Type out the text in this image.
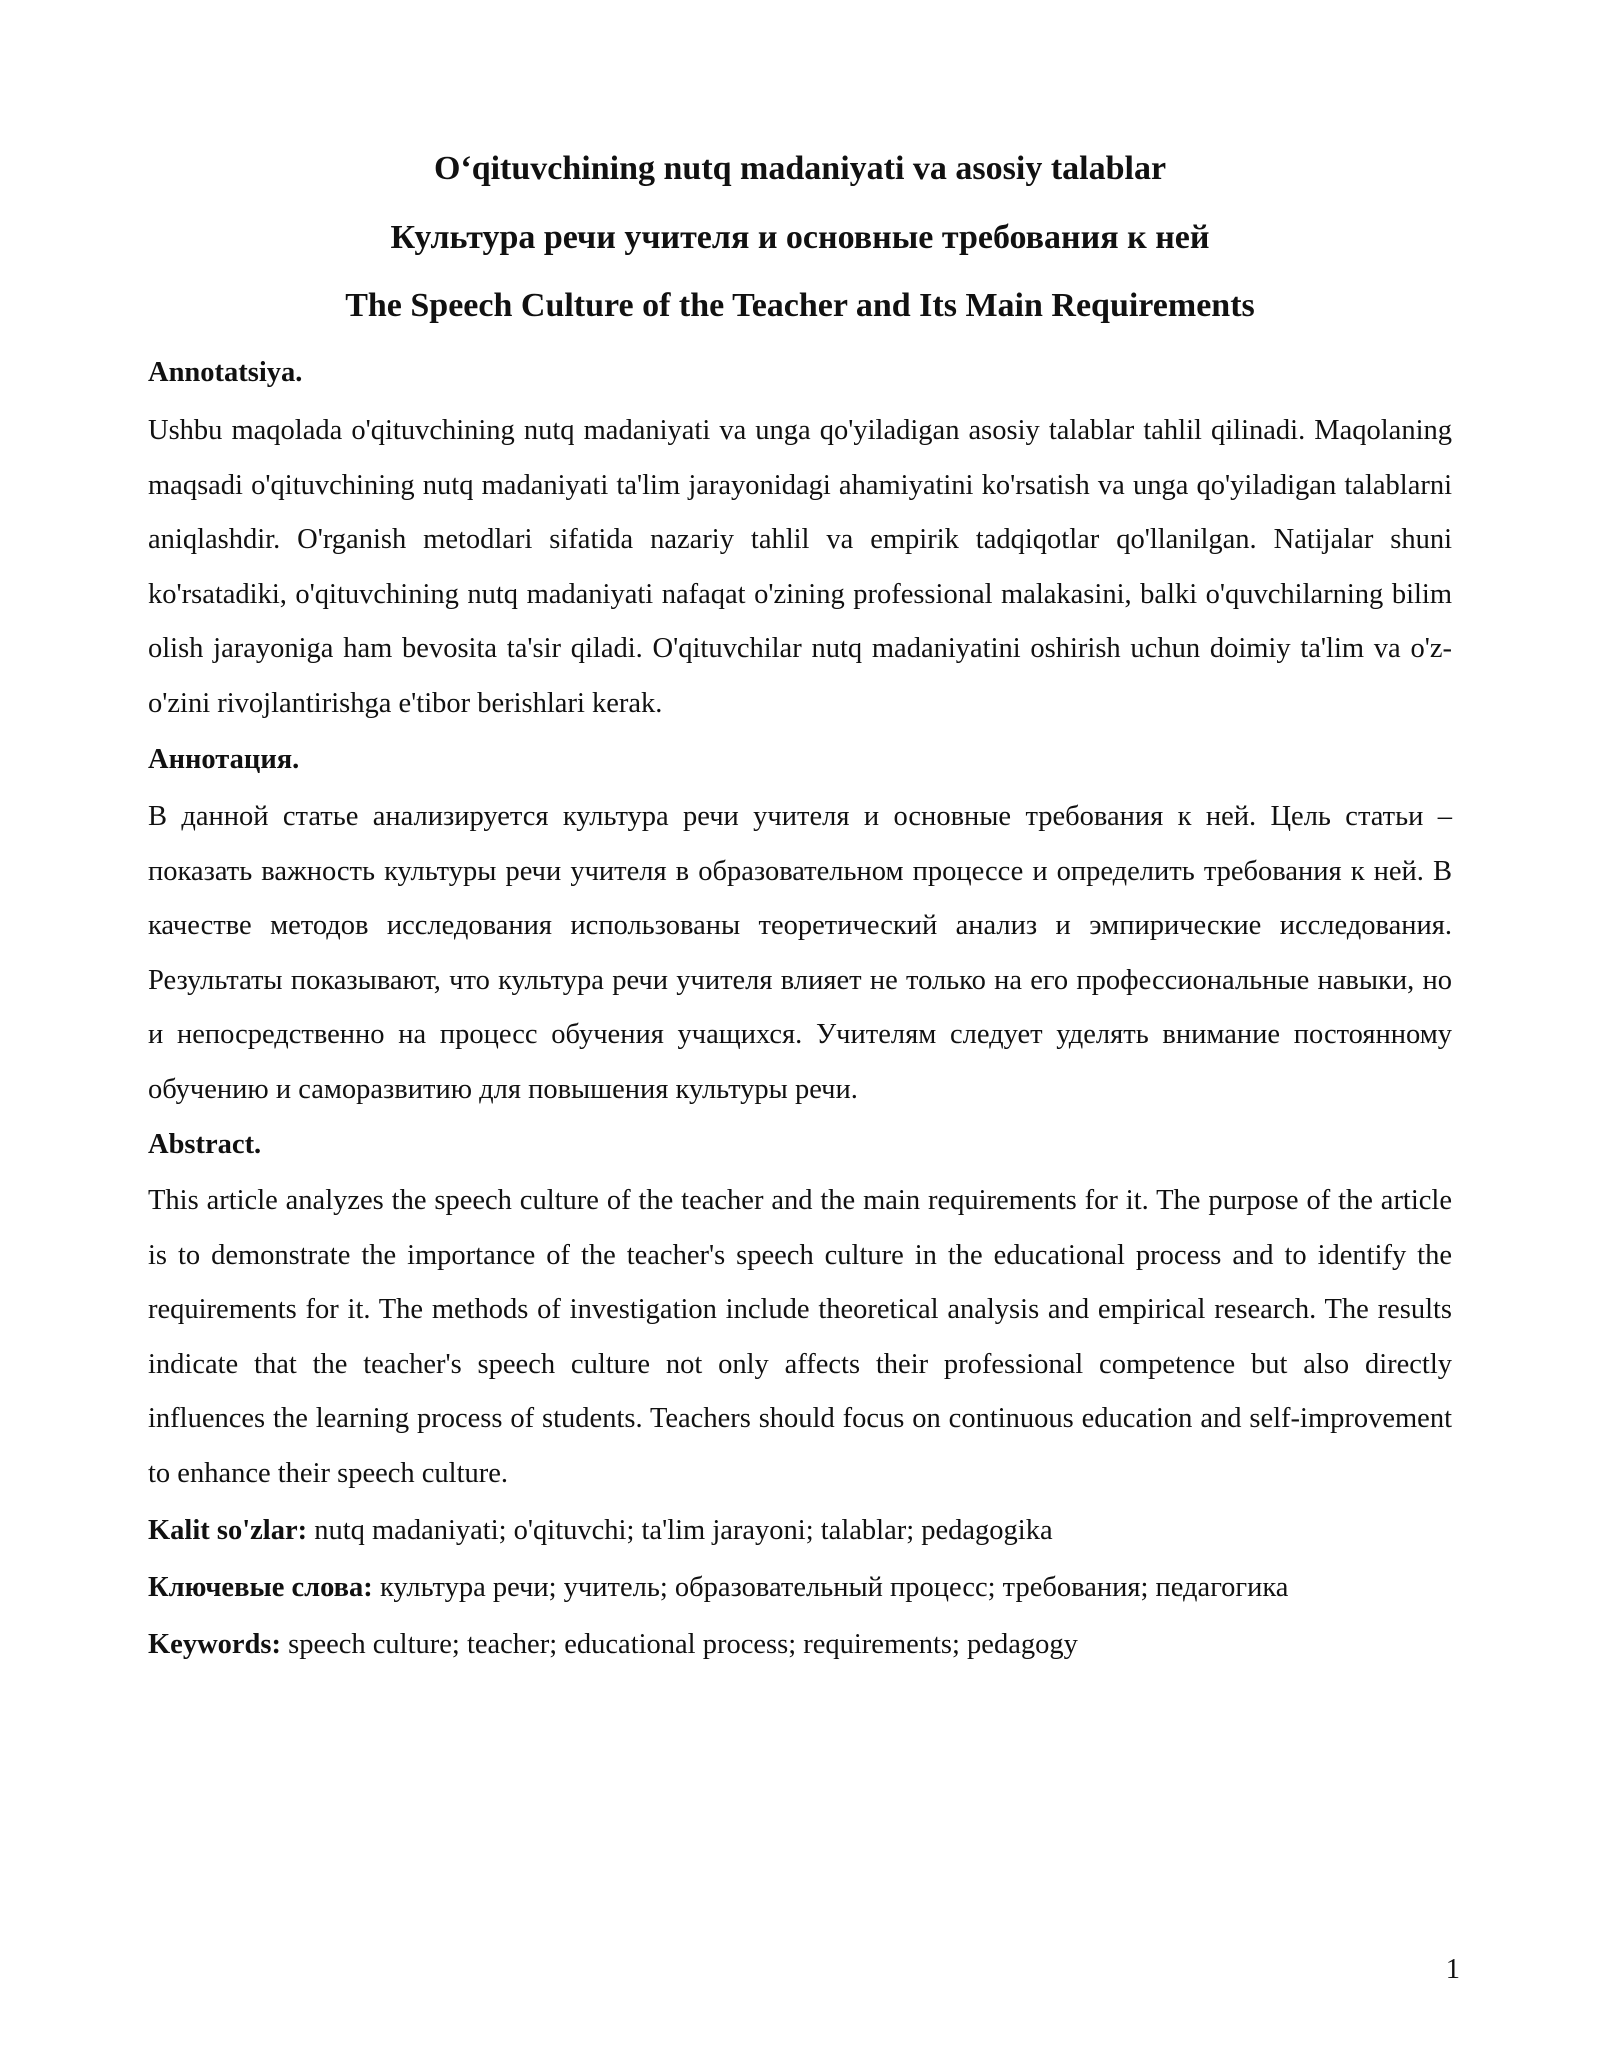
O‘qituvchining nutq madaniyati va asosiy talablar
Культура речи учителя и основные требования к ней
The Speech Culture of the Teacher and Its Main Requirements

Annotatsiya.

Ushbu maqolada o'qituvchining nutq madaniyati va unga qo'yiladigan asosiy talablar tahlil qilinadi. Maqolaning maqsadi o'qituvchining nutq madaniyati ta'lim jarayonidagi ahamiyatini ko'rsatish va unga qo'yiladigan talablarni aniqlashdir. O'rganish metodlari sifatida nazariy tahlil va empirik tadqiqotlar qo'llanilgan. Natijalar shuni ko'rsatadiki, o'qituvchining nutq madaniyati nafaqat o'zining professional malakasini, balki o'quvchilarning bilim olish jarayoniga ham bevosita ta'sir qiladi. O'qituvchilar nutq madaniyatini oshirish uchun doimiy ta'lim va o'z-o'zini rivojlantirishga e'tibor berishlari kerak.

Аннотация.

В данной статье анализируется культура речи учителя и основные требования к ней. Цель статьи – показать важность культуры речи учителя в образовательном процессе и определить требования к ней. В качестве методов исследования использованы теоретический анализ и эмпирические исследования. Результаты показывают, что культура речи учителя влияет не только на его профессиональные навыки, но и непосредственно на процесс обучения учащихся. Учителям следует уделять внимание постоянному обучению и саморазвитию для повышения культуры речи.

Abstract.

This article analyzes the speech culture of the teacher and the main requirements for it. The purpose of the article is to demonstrate the importance of the teacher's speech culture in the educational process and to identify the requirements for it. The methods of investigation include theoretical analysis and empirical research. The results indicate that the teacher's speech culture not only affects their professional competence but also directly influences the learning process of students. Teachers should focus on continuous education and self-improvement to enhance their speech culture.

Kalit so'zlar: nutq madaniyati; o'qituvchi; ta'lim jarayoni; talablar; pedagogika

Ключевые слова: культура речи; учитель; образовательный процесс; требования; педагогика

Keywords: speech culture; teacher; educational process; requirements; pedagogy

1
